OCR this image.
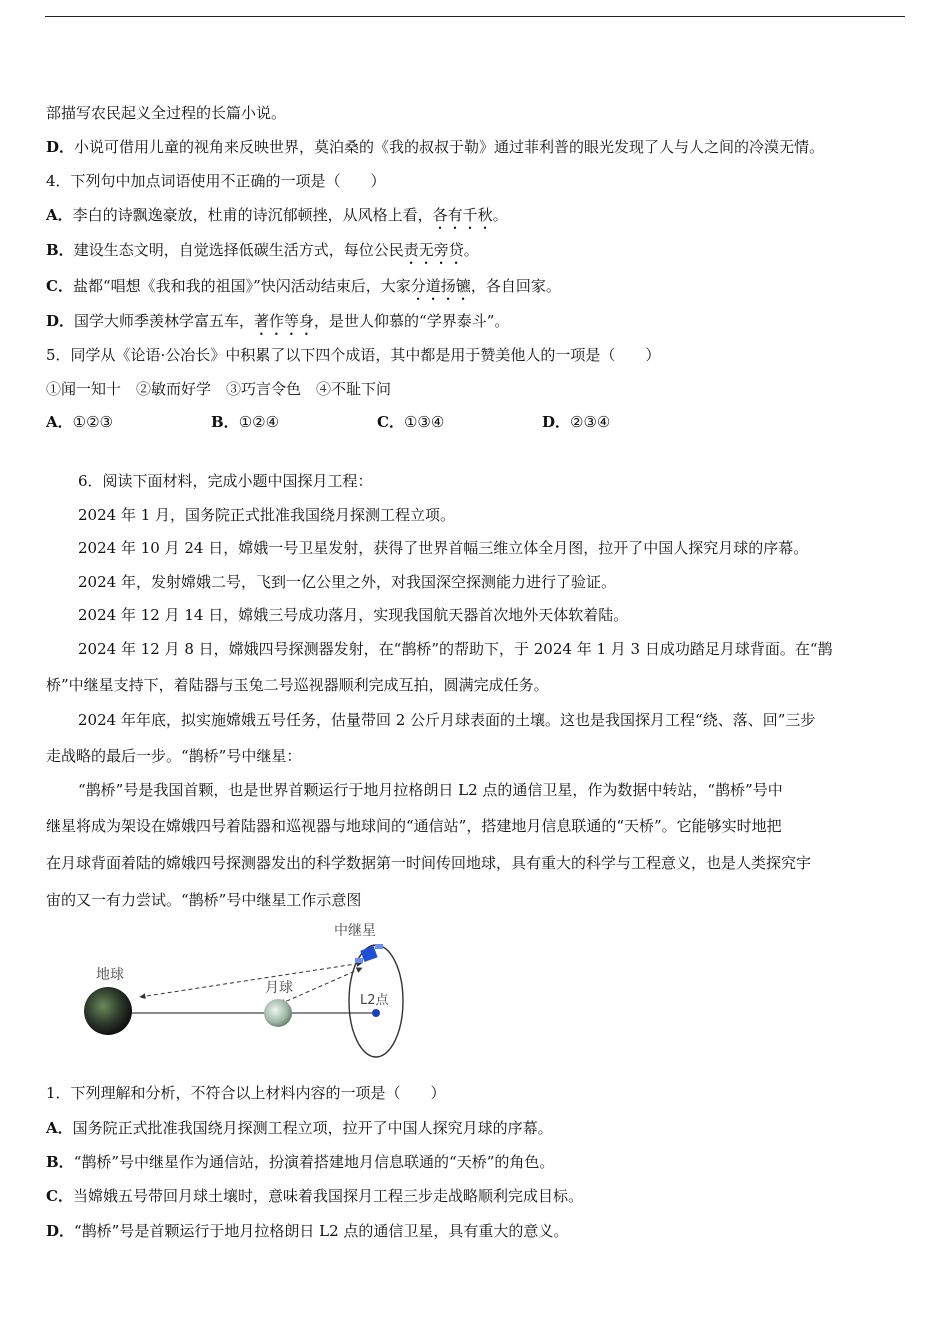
部描写农民起义全过程的长篇小说。
D．小说可借用儿童的视角来反映世界，莫泊桑的《我的叔叔于勒》通过菲利普的眼光发现了人与人之间的冷漠无情。
4．下列句中加点词语使用不正确的一项是（　　）
A．李白的诗飘逸豪放，杜甫的诗沉郁顿挫，从风格上看，各有千秋。
B．建设生态文明，自觉选择低碳生活方式，每位公民责无旁贷。
C．盐都“唱想《我和我的祖国》”快闪活动结束后，大家分道扬镳，各自回家。
D．国学大师季羡林学富五车，著作等身，是世人仰慕的“学界泰斗”。
5．同学从《论语·公冶长》中积累了以下四个成语，其中都是用于赞美他人的一项是（　　）
①闻一知十　②敏而好学　③巧言令色　④不耻下问
A．①②③	B．①②④	C．①③④	D．②③④
6．阅读下面材料，完成小题中国探月工程：
2024 年 1 月，国务院正式批准我国绕月探测工程立项。
2024 年 10 月 24 日，嫦娥一号卫星发射，获得了世界首幅三维立体全月图，拉开了中国人探究月球的序幕。
2024 年，发射嫦娥二号，飞到一亿公里之外，对我国深空探测能力进行了验证。
2024 年 12 月 14 日，嫦娥三号成功落月，实现我国航天器首次地外天体软着陆。
2024 年 12 月 8 日，嫦娥四号探测器发射，在“鹊桥”的帮助下，于 2024 年 1 月 3 日成功踏足月球背面。在“鹊
桥”中继星支持下，着陆器与玉兔二号巡视器顺利完成互拍，圆满完成任务。
2024 年年底，拟实施嫦娥五号任务，估量带回 2 公斤月球表面的土壤。这也是我国探月工程“绕、落、回”三步
走战略的最后一步。“鹊桥”号中继星：
“鹊桥”号是我国首颗，也是世界首颗运行于地月拉格朗日 L2 点的通信卫星，作为数据中转站，“鹊桥”号中
继星将成为架设在嫦娥四号着陆器和巡视器与地球间的“通信站”，搭建地月信息联通的“天桥”。它能够实时地把
在月球背面着陆的嫦娥四号探测器发出的科学数据第一时间传回地球，具有重大的科学与工程意义，也是人类探究宇
宙的又一有力尝试。“鹊桥”号中继星工作示意图
地球
月球
中继星
L2点
1．下列理解和分析，不符合以上材料内容的一项是（　　）
A．国务院正式批准我国绕月探测工程立项，拉开了中国人探究月球的序幕。
B．“鹊桥”号中继星作为通信站，扮演着搭建地月信息联通的“天桥”的角色。
C．当嫦娥五号带回月球土壤时，意味着我国探月工程三步走战略顺利完成目标。
D．“鹊桥”号是首颗运行于地月拉格朗日 L2 点的通信卫星，具有重大的意义。
